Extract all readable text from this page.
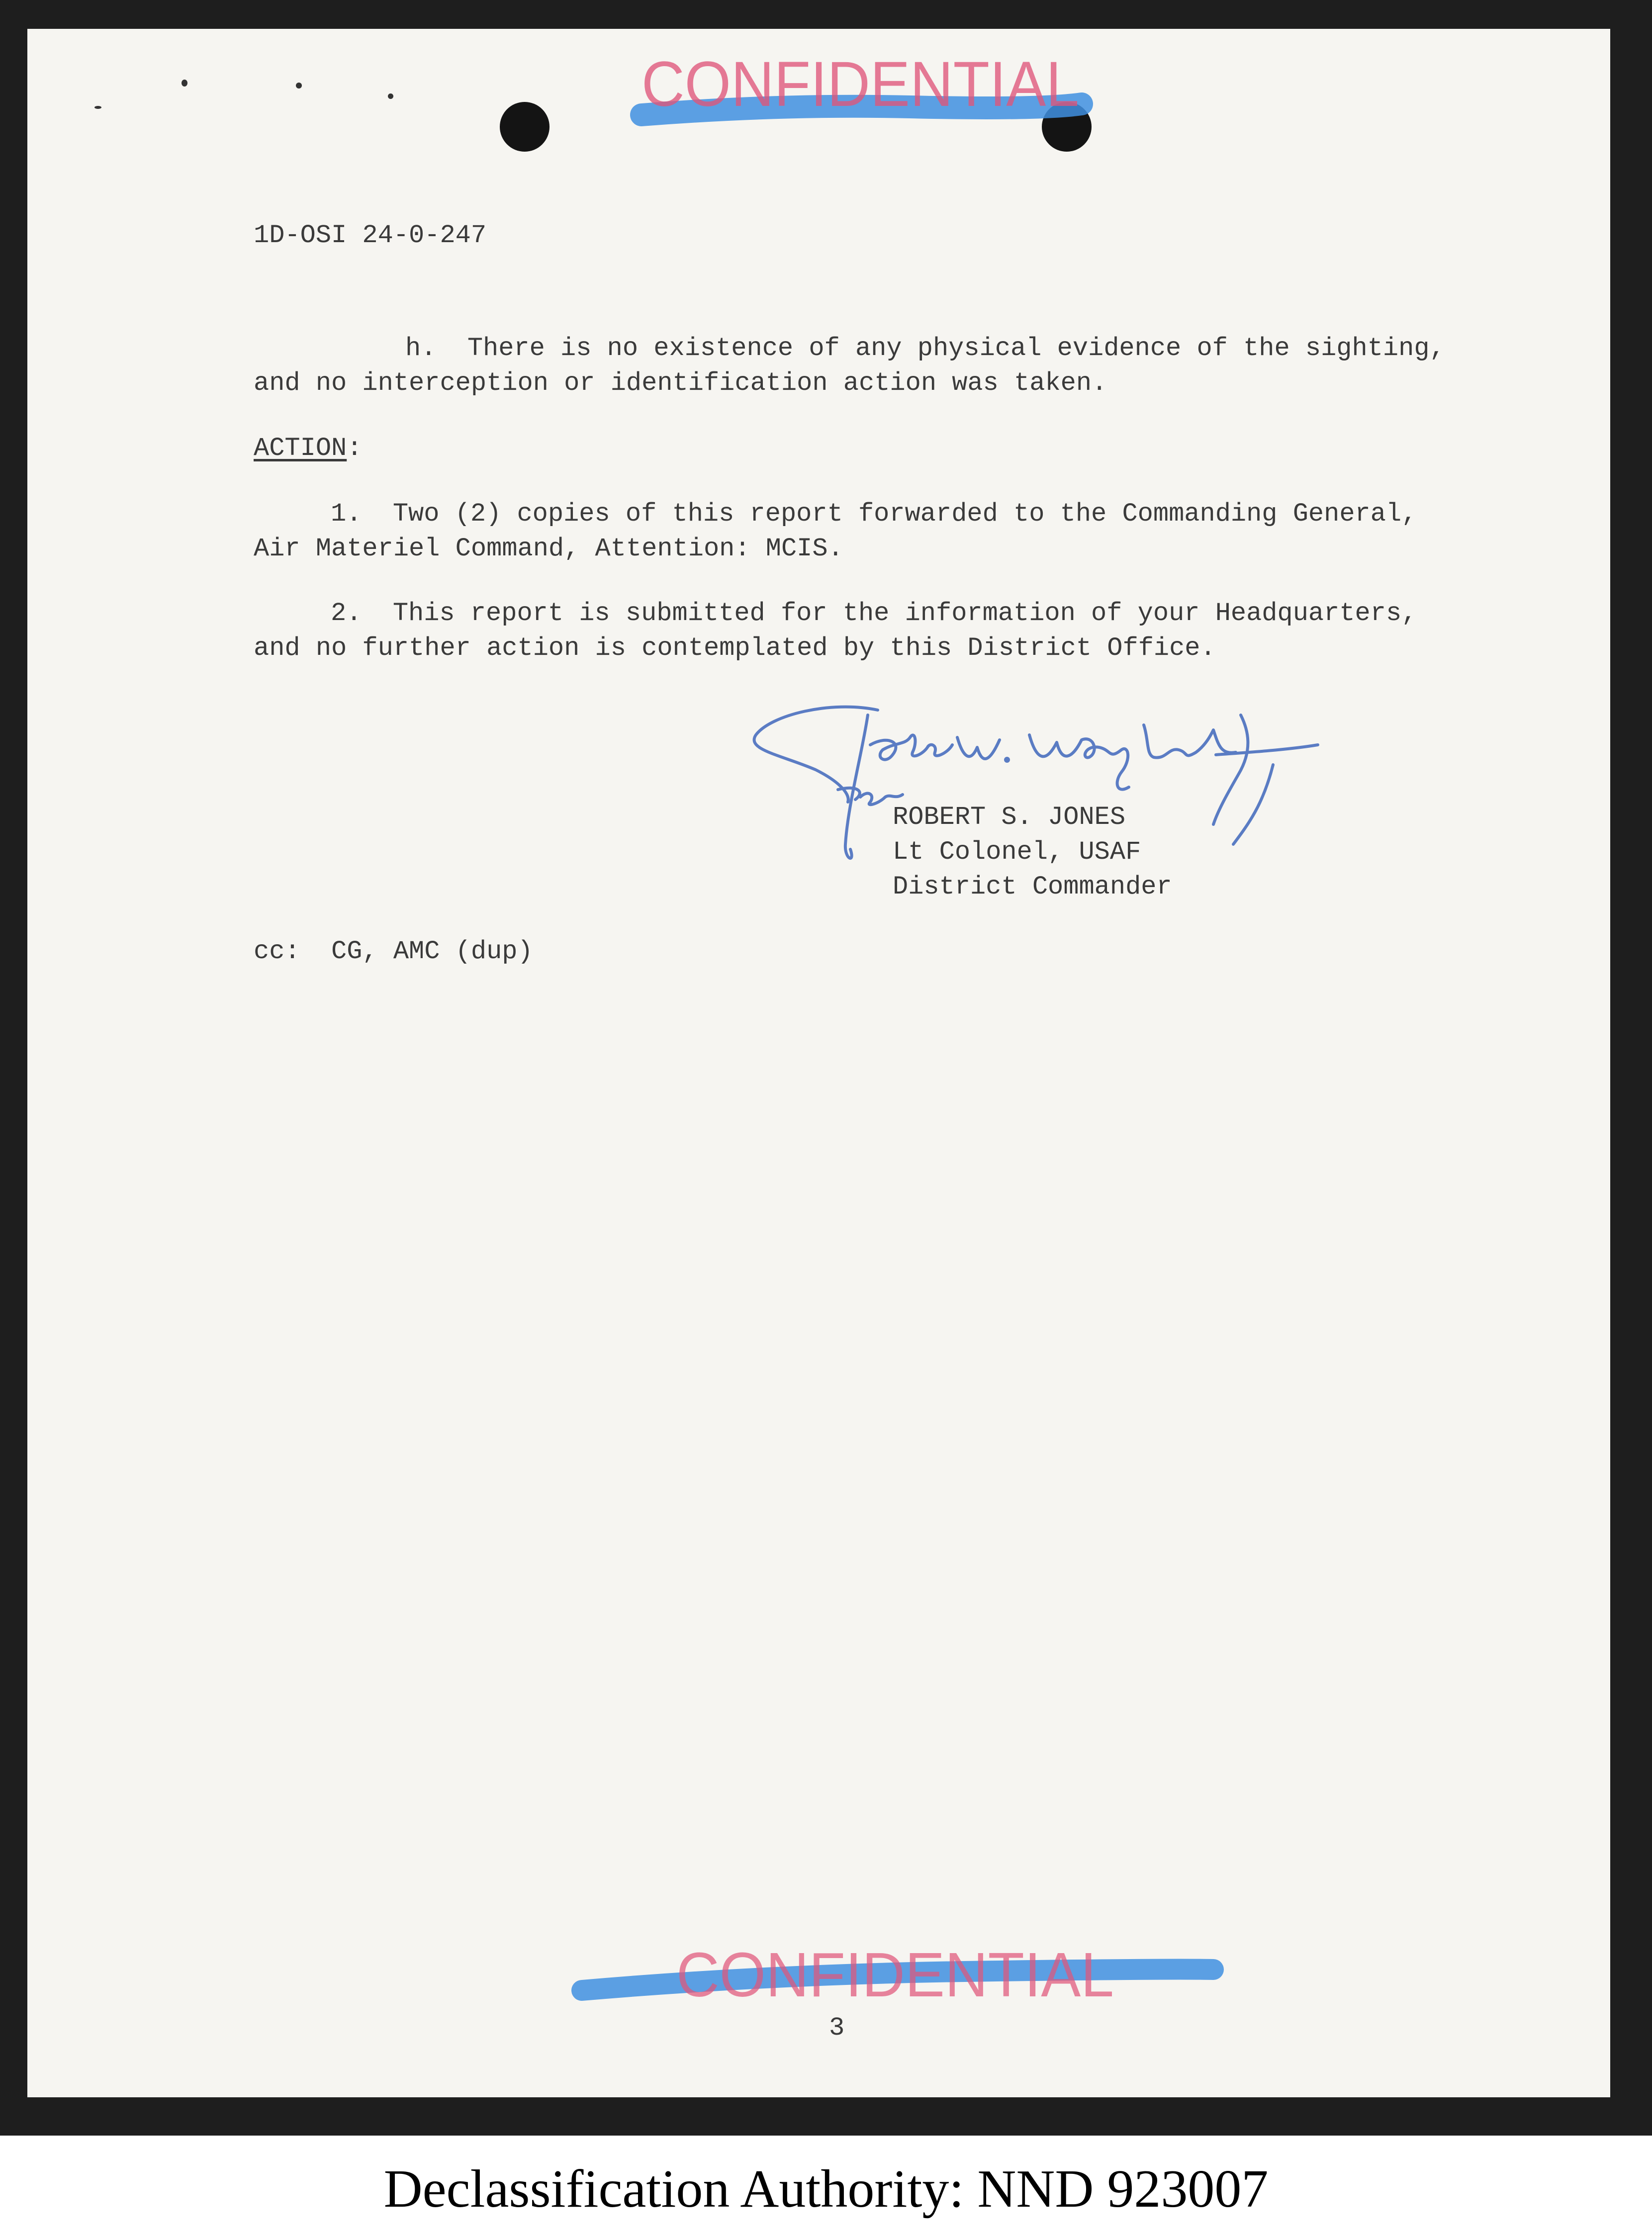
CONFIDENTIAL
1D-OSI 24-0-247
h.  There is no existence of any physical evidence of the sighting,
and no interception or identification action was taken.
ACTION:
1.  Two (2) copies of this report forwarded to the Commanding General,
Air Materiel Command, Attention: MCIS.
2.  This report is submitted for the information of your Headquarters,
and no further action is contemplated by this District Office.
ROBERT S. JONES
Lt Colonel, USAF
District Commander
cc:  CG, AMC (dup)
CONFIDENTIAL
3
Declassification Authority: NND 923007
